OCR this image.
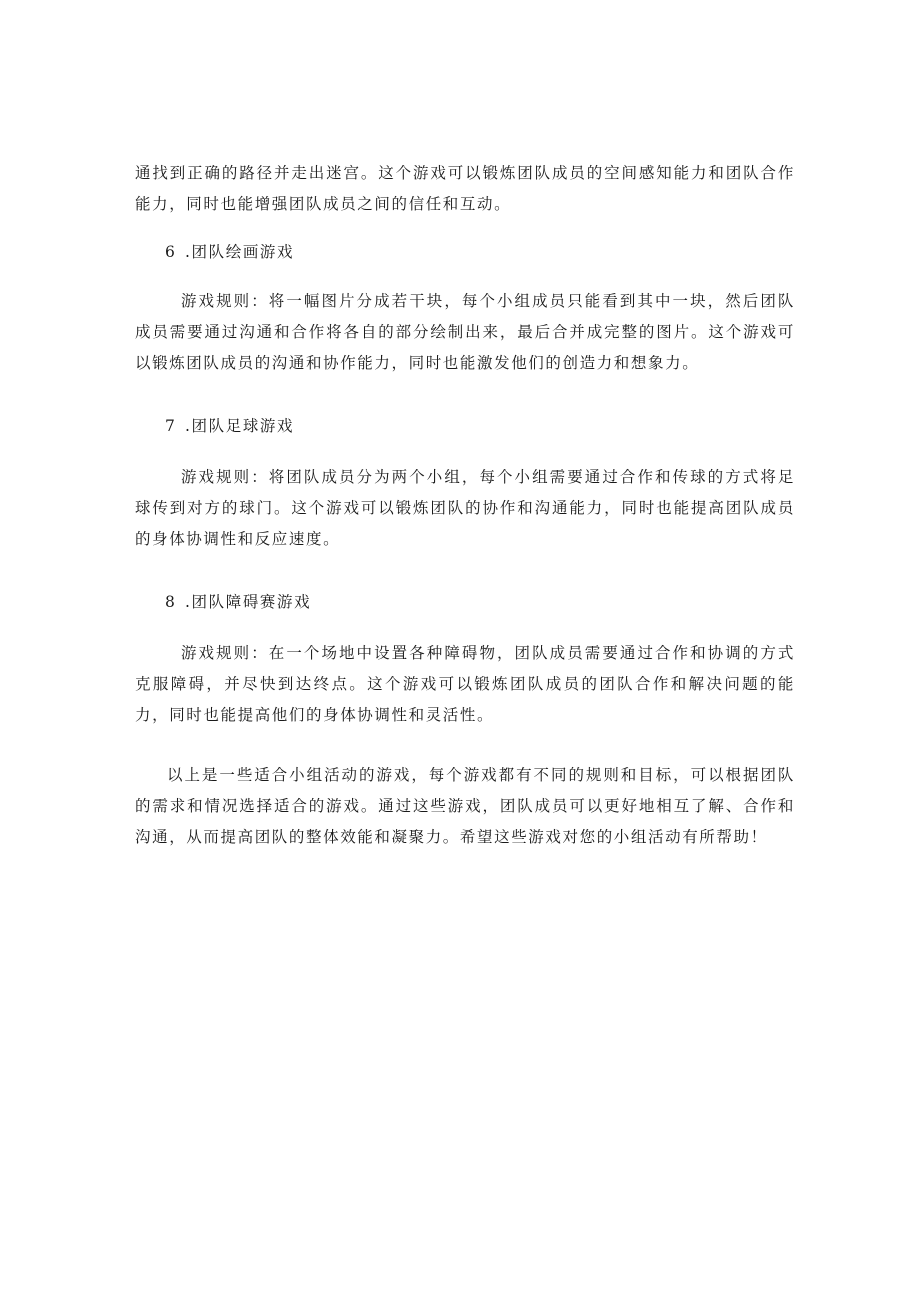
通找到正确的路径并走出迷宫。这个游戏可以锻炼团队成员的空间感知能力和团队合作能力，同时也能增强团队成员之间的信任和互动。

6 .团队绘画游戏

游戏规则：将一幅图片分成若干块，每个小组成员只能看到其中一块，然后团队成员需要通过沟通和合作将各自的部分绘制出来，最后合并成完整的图片。这个游戏可以锻炼团队成员的沟通和协作能力，同时也能激发他们的创造力和想象力。

7 .团队足球游戏

游戏规则：将团队成员分为两个小组，每个小组需要通过合作和传球的方式将足球传到对方的球门。这个游戏可以锻炼团队的协作和沟通能力，同时也能提高团队成员的身体协调性和反应速度。

8 .团队障碍赛游戏

游戏规则：在一个场地中设置各种障碍物，团队成员需要通过合作和协调的方式克服障碍，并尽快到达终点。这个游戏可以锻炼团队成员的团队合作和解决问题的能力，同时也能提高他们的身体协调性和灵活性。

以上是一些适合小组活动的游戏，每个游戏都有不同的规则和目标，可以根据团队的需求和情况选择适合的游戏。通过这些游戏，团队成员可以更好地相互了解、合作和沟通，从而提高团队的整体效能和凝聚力。希望这些游戏对您的小组活动有所帮助！
